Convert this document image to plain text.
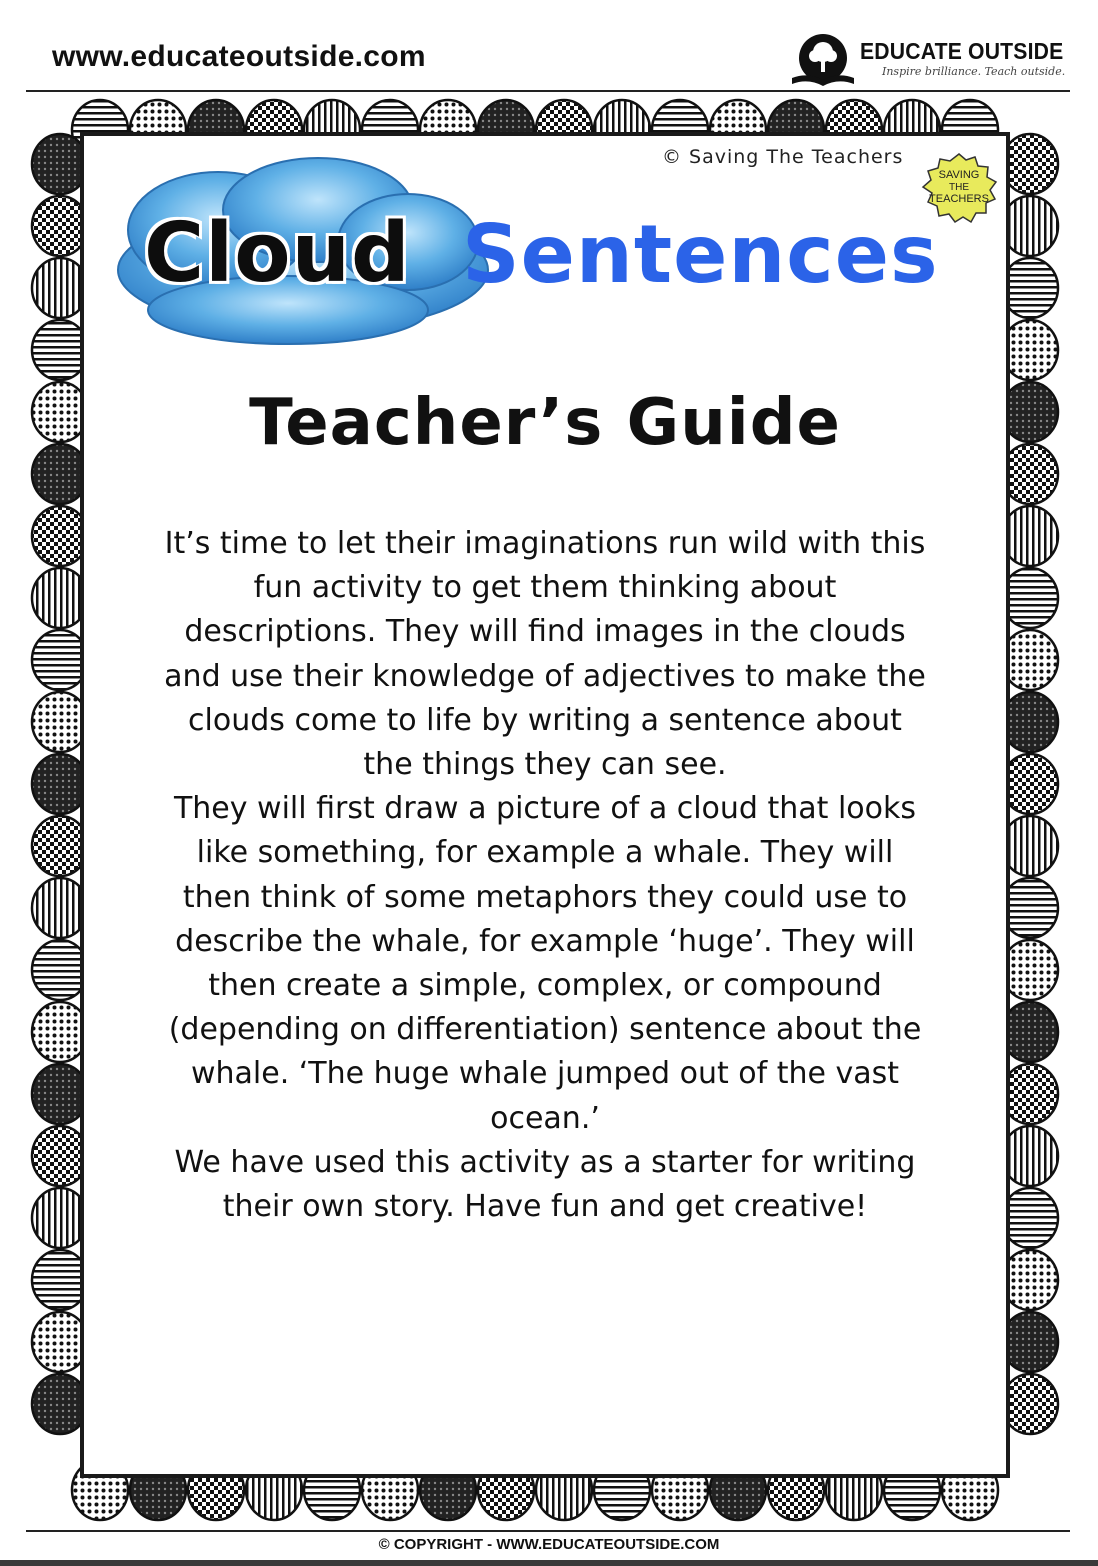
www.educateoutside.com	EDUCATE OUTSIDE
Inspire brilliance. Teach outside.
© Saving The Teachers
SAVING
THE
TEACHERS
Cloud Sentences
Teacher’s Guide

It’s time to let their imaginations run wild with this fun activity to get them thinking about descriptions. They will find images in the clouds and use their knowledge of adjectives to make the clouds come to life by writing a sentence about the things they can see.

They will first draw a picture of a cloud that looks like something, for example a whale. They will then think of some metaphors they could use to describe the whale, for example ‘huge’. They will then create a simple, complex, or compound (depending on differentiation) sentence about the whale. ‘The huge whale jumped out of the vast ocean.’

We have used this activity as a starter for writing their own story. Have fun and get creative!

© COPYRIGHT - WWW.EDUCATEOUTSIDE.COM
